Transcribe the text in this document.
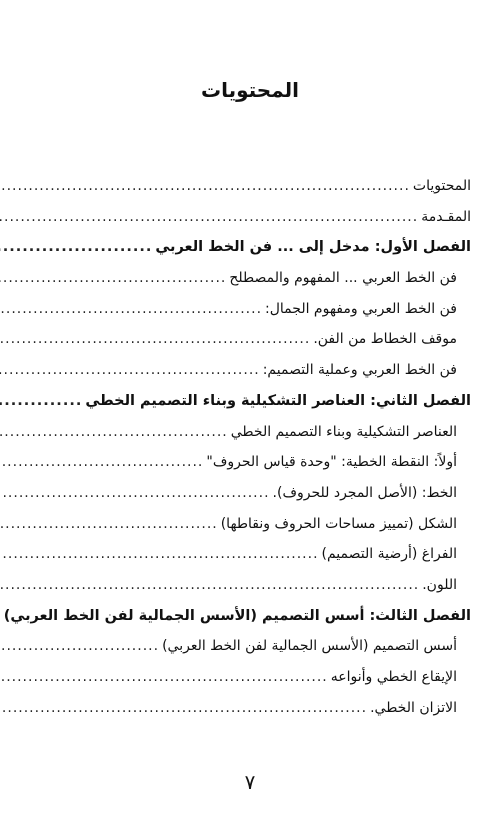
المحتويات
المحتويات
.....
المقـدمة
.....
الفصل الأول: مدخل إلى ... فن الخط العربي
.....
فن الخط العربي ... المفهوم والمصطلح
.....
فن الخط العربي ومفهوم الجمال:
.....
موقف الخطاط من الفن.
.....
فن الخط العربي وعملية التصميم:
.....
الفصل الثاني: العناصر التشكيلية وبناء التصميم الخطي
.....
العناصر التشكيلية وبناء التصميم الخطي
.....
أولاً: النقطة الخطية: "وحدة قياس الحروف"
.....
الخط: (الأصل المجرد للحروف).
.....
الشكل (تمييز مساحات الحروف ونقاطها)
.....
الفراغ (أرضية التصميم)
.....
اللون.
.....
الفصل الثالث: أسس التصميم (الأسس الجمالية لفن الخط العربي)
.....
أسس التصميم (الأسس الجمالية لفن الخط العربي)
.....
الإيقاع الخطي وأنواعه
.....
الاتزان الخطي.
.....
٧
